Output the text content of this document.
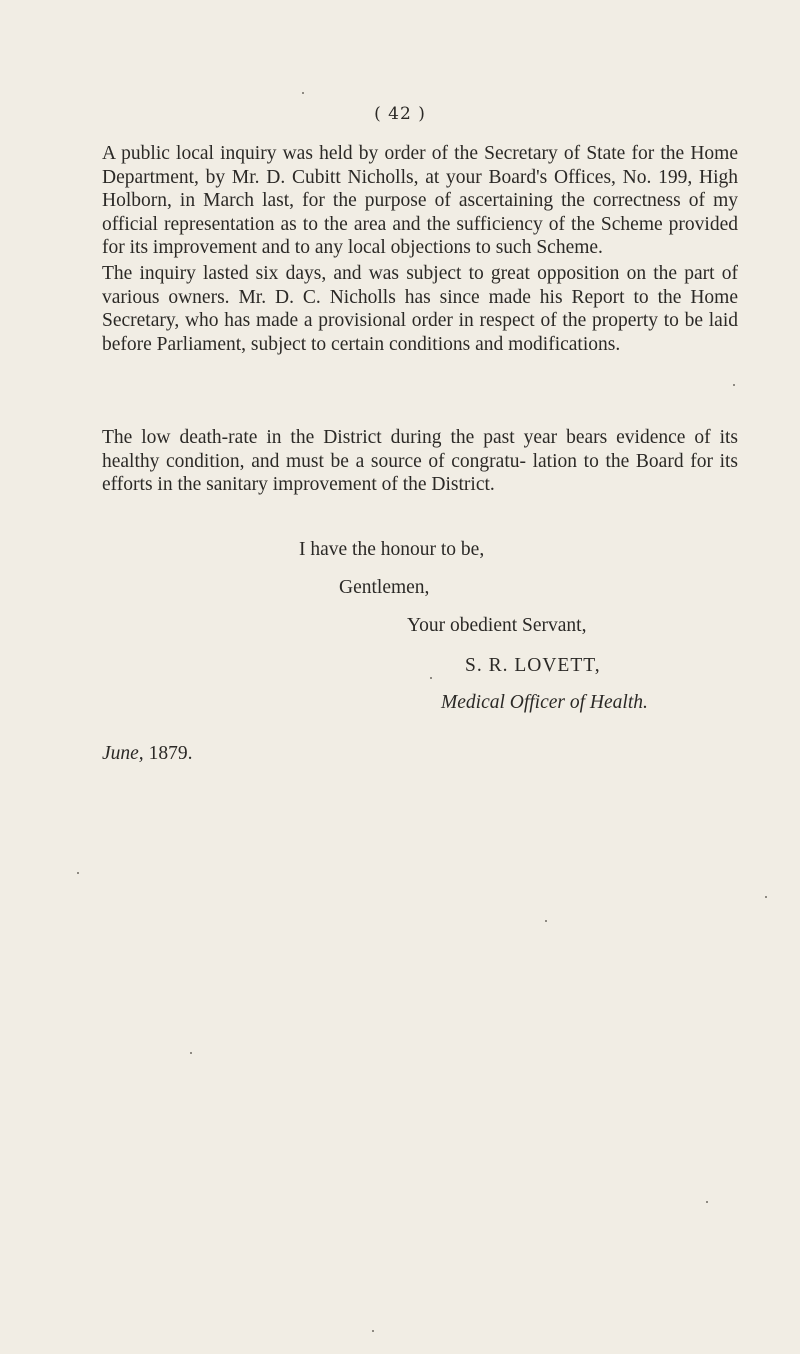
( 42 )

A public local inquiry was held by order of the Secretary of State for the Home Department, by Mr. D. Cubitt Nicholls, at your Board's Offices, No. 199, High Holborn, in March last, for the purpose of ascertaining the correctness of my official representation as to the area and the sufficiency of the Scheme provided for its improvement and to any local objections to such Scheme.

The inquiry lasted six days, and was subject to great opposition on the part of various owners. Mr. D. C. Nicholls has since made his Report to the Home Secretary, who has made a provisional order in respect of the property to be laid before Parliament, subject to certain conditions and modifications.

The low death-rate in the District during the past year bears evidence of its healthy condition, and must be a source of congratu- lation to the Board for its efforts in the sanitary improvement of the District.

I have the honour to be,
Gentlemen,
Your obedient Servant,
S. R. LOVETT,
Medical Officer of Health.
June, 1879.
